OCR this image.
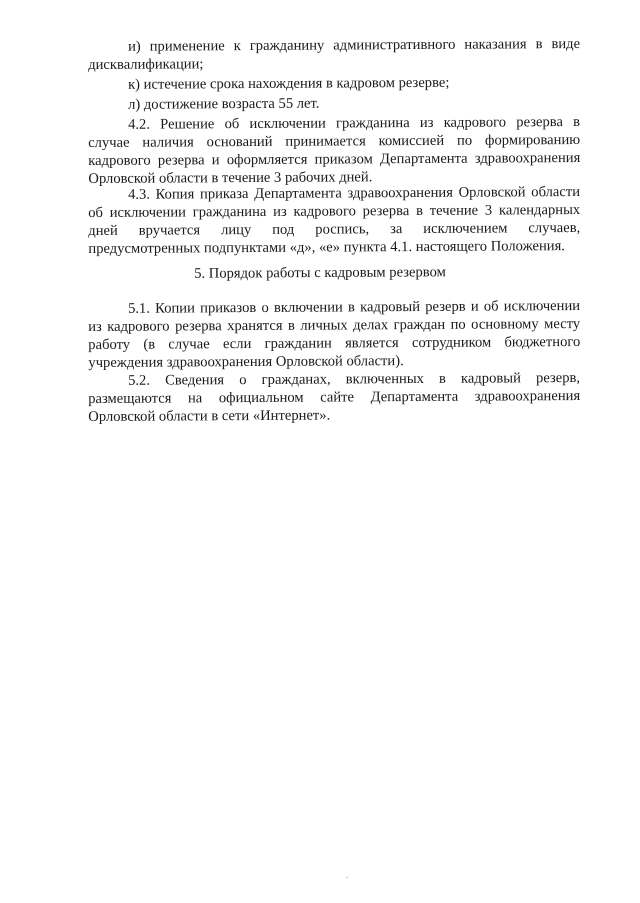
и) применение к гражданину административного наказания в виде
дисквалификации;
к) истечение срока нахождения в кадровом резерве;
л) достижение возраста 55 лет.
4.2. Решение об исключении гражданина из кадрового резерва в
случае наличия оснований принимается комиссией по формированию
кадрового резерва и оформляется приказом Департамента здравоохранения
Орловской области в течение 3 рабочих дней.
4.3. Копия приказа Департамента здравоохранения Орловской области
об исключении гражданина из кадрового резерва в течение 3 календарных
дней вручается лицу под роспись, за исключением случаев,
предусмотренных подпунктами «д», «е» пункта 4.1. настоящего Положения.
5. Порядок работы с кадровым резервом
5.1. Копии приказов о включении в кадровый резерв и об исключении
из кадрового резерва хранятся в личных делах граждан по основному месту
работу (в случае если гражданин является сотрудником бюджетного
учреждения здравоохранения Орловской области).
5.2. Сведения о гражданах, включенных в кадровый резерв,
размещаются на официальном сайте Департамента здравоохранения
Орловской области в сети «Интернет».
